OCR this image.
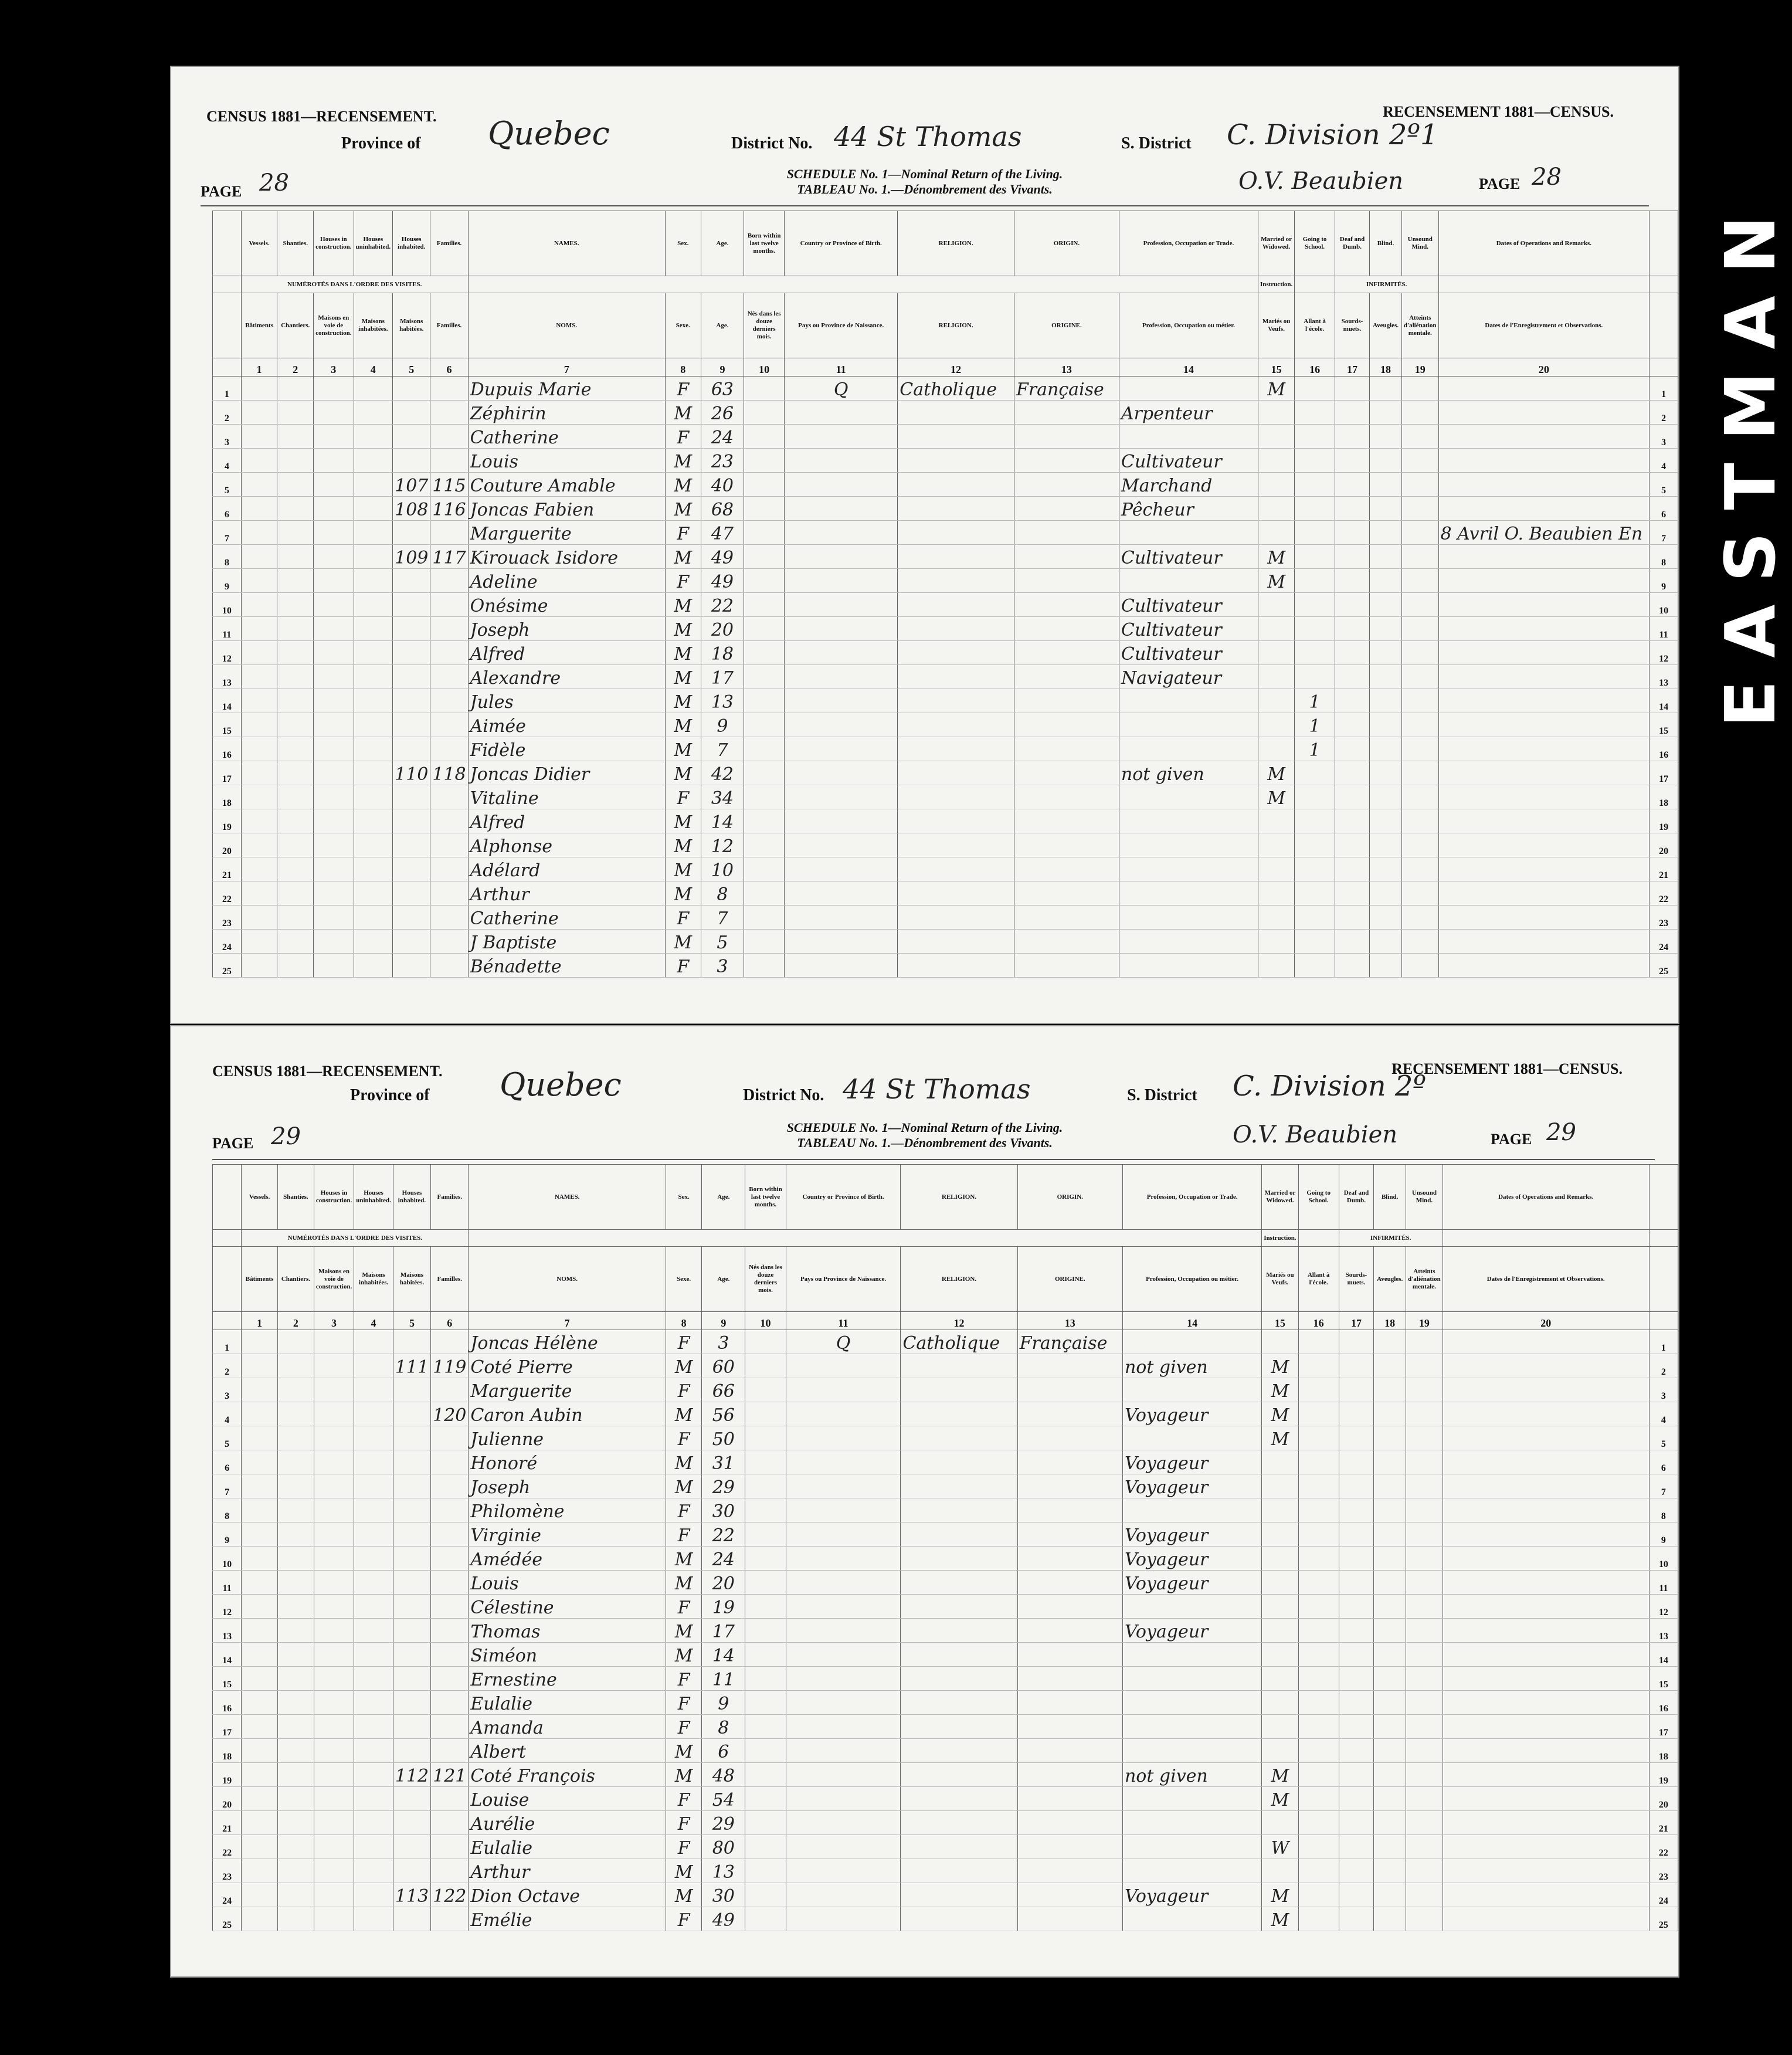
CENSUS 1881—RECENSEMENT.	RECENSEMENT 1881—CENSUS.
Province of Quebec	District No. 44 St Thomas	S. District C. Division 2º1
PAGE 28	PAGE 28
SCHEDULE No. 1—Nominal Return of the Living.
TABLEAU No. 1.—Dénombrement des Vivants.	O.V. Beaubien
	Vessels.	Shanties.	Houses in construction.	Houses uninhabited.	Houses inhabited.	Families.	NAMES.	Sex.	Age.	Born within last twelve months.	Country or Province of Birth.	RELIGION.	ORIGIN.	Profession, Occupation or Trade.	Married or Widowed.	Going to School.	Deaf and Dumb.	Blind.	Unsound Mind.	Dates of Operations and Remarks.	
	NUMÉROTÉS DANS L'ORDRE DES VISITES.														Instruction.		INFIRMITÉS.				
	Bâtiments	Chantiers.	Maisons en voie de construction.	Maisons inhabitées.	Maisons habitées.	Familles.	NOMS.	Sexe.	Age.	Nés dans les douze derniers mois.	Pays ou Province de Naissance.	RELIGION.	ORIGINE.	Profession, Occupation ou métier.	Mariés ou Veufs.	Allant à l'école.	Sourds-muets.	Aveugles.	Atteints d'aliénation mentale.	Dates de l'Enregistrement et Observations.	
	1	2	3	4	5	6	7	8	9	10	11	12	13	14	15	16	17	18	19	20	
1							Dupuis Marie	F	63		Q	Catholique	Française		M						1
2							Zéphirin	M	26					Arpenteur							2
3							Catherine	F	24												3
4							Louis	M	23					Cultivateur							4
5					107	115	Couture Amable	M	40					Marchand							5
6					108	116	Joncas Fabien	M	68					Pêcheur							6
7							Marguerite	F	47											8 Avril O. Beaubien En	7
8					109	117	Kirouack Isidore	M	49					Cultivateur	M						8
9							Adeline	F	49						M						9
10							Onésime	M	22					Cultivateur							10
11							Joseph	M	20					Cultivateur							11
12							Alfred	M	18					Cultivateur							12
13							Alexandre	M	17					Navigateur							13
14							Jules	M	13							1					14
15							Aimée	M	9							1					15
16							Fidèle	M	7							1					16
17					110	118	Joncas Didier	M	42					not given	M						17
18							Vitaline	F	34						M						18
19							Alfred	M	14												19
20							Alphonse	M	12												20
21							Adélard	M	10												21
22							Arthur	M	8												22
23							Catherine	F	7												23
24							J Baptiste	M	5												24
25							Bénadette	F	3												25
CENSUS 1881—RECENSEMENT.	RECENSEMENT 1881—CENSUS.
Province of Quebec	District No. 44 St Thomas	S. District C. Division 2º
PAGE 29	PAGE 29
SCHEDULE No. 1—Nominal Return of the Living.
TABLEAU No. 1.—Dénombrement des Vivants.	O.V. Beaubien
	Vessels.	Shanties.	Houses in construction.	Houses uninhabited.	Houses inhabited.	Families.	NAMES.	Sex.	Age.	Born within last twelve months.	Country or Province of Birth.	RELIGION.	ORIGIN.	Profession, Occupation or Trade.	Married or Widowed.	Going to School.	Deaf and Dumb.	Blind.	Unsound Mind.	Dates of Operations and Remarks.	
	NUMÉROTÉS DANS L'ORDRE DES VISITES.														Instruction.		INFIRMITÉS.				
	Bâtiments	Chantiers.	Maisons en voie de construction.	Maisons inhabitées.	Maisons habitées.	Familles.	NOMS.	Sexe.	Age.	Nés dans les douze derniers mois.	Pays ou Province de Naissance.	RELIGION.	ORIGINE.	Profession, Occupation ou métier.	Mariés ou Veufs.	Allant à l'école.	Sourds-muets.	Aveugles.	Atteints d'aliénation mentale.	Dates de l'Enregistrement et Observations.	
	1	2	3	4	5	6	7	8	9	10	11	12	13	14	15	16	17	18	19	20	
1							Joncas Hélène	F	3		Q	Catholique	Française								1
2					111	119	Coté Pierre	M	60					not given	M						2
3							Marguerite	F	66						M						3
4						120	Caron Aubin	M	56					Voyageur	M						4
5							Julienne	F	50						M						5
6							Honoré	M	31					Voyageur							6
7							Joseph	M	29					Voyageur							7
8							Philomène	F	30												8
9							Virginie	F	22					Voyageur							9
10							Amédée	M	24					Voyageur							10
11							Louis	M	20					Voyageur							11
12							Célestine	F	19												12
13							Thomas	M	17					Voyageur							13
14							Siméon	M	14												14
15							Ernestine	F	11												15
16							Eulalie	F	9												16
17							Amanda	F	8												17
18							Albert	M	6												18
19					112	121	Coté François	M	48					not given	M						19
20							Louise	F	54						M						20
21							Aurélie	F	29												21
22							Eulalie	F	80						W						22
23							Arthur	M	13												23
24					113	122	Dion Octave	M	30					Voyageur	M						24
25							Emélie	F	49						M						25
EASTMAN
